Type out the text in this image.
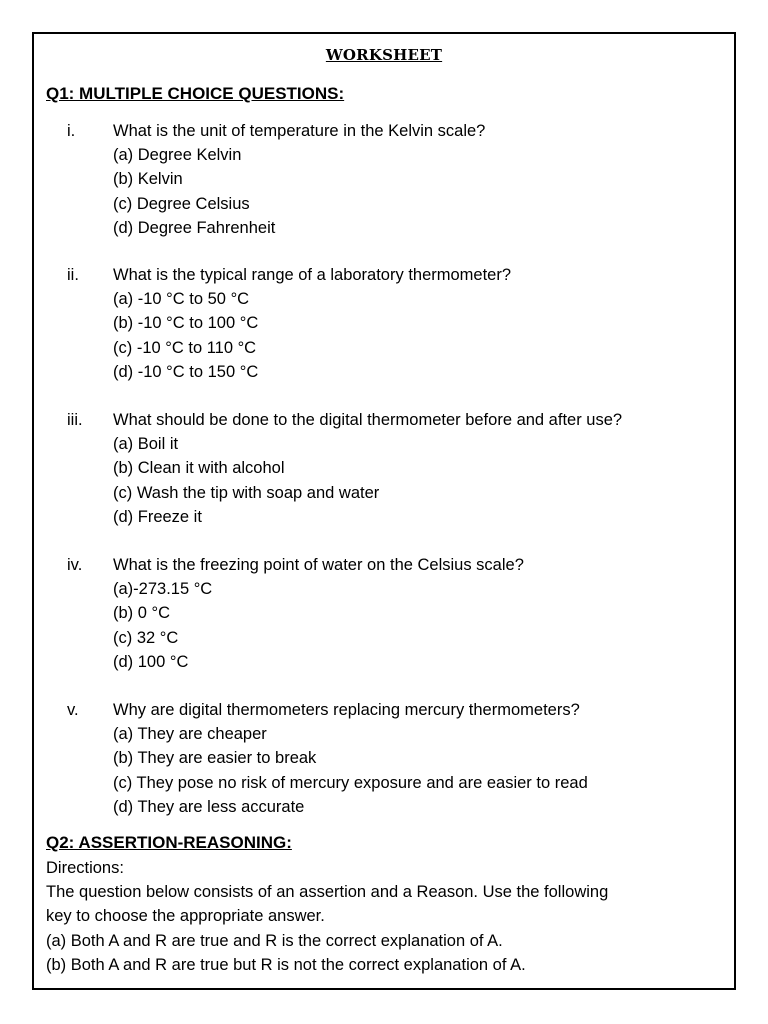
WORKSHEET
Q1: MULTIPLE CHOICE QUESTIONS:
i. What is the unit of temperature in the Kelvin scale?
(a) Degree Kelvin
(b) Kelvin
(c) Degree Celsius
(d) Degree Fahrenheit
ii. What is the typical range of a laboratory thermometer?
(a) -10 °C to 50 °C
(b) -10 °C to 100 °C
(c) -10 °C to 110 °C
(d) -10 °C to 150 °C
iii. What should be done to the digital thermometer before and after use?
(a) Boil it
(b) Clean it with alcohol
(c) Wash the tip with soap and water
(d) Freeze it
iv. What is the freezing point of water on the Celsius scale?
(a)-273.15 °C
(b) 0 °C
(c) 32 °C
(d) 100 °C
v. Why are digital thermometers replacing mercury thermometers?
(a) They are cheaper
(b) They are easier to break
(c) They pose no risk of mercury exposure and are easier to read
(d) They are less accurate
Q2: ASSERTION-REASONING:
Directions:
The question below consists of an assertion and a Reason. Use the following
key to choose the appropriate answer.
(a) Both A and R are true and R is the correct explanation of A.
(b) Both A and R are true but R is not the correct explanation of A.
